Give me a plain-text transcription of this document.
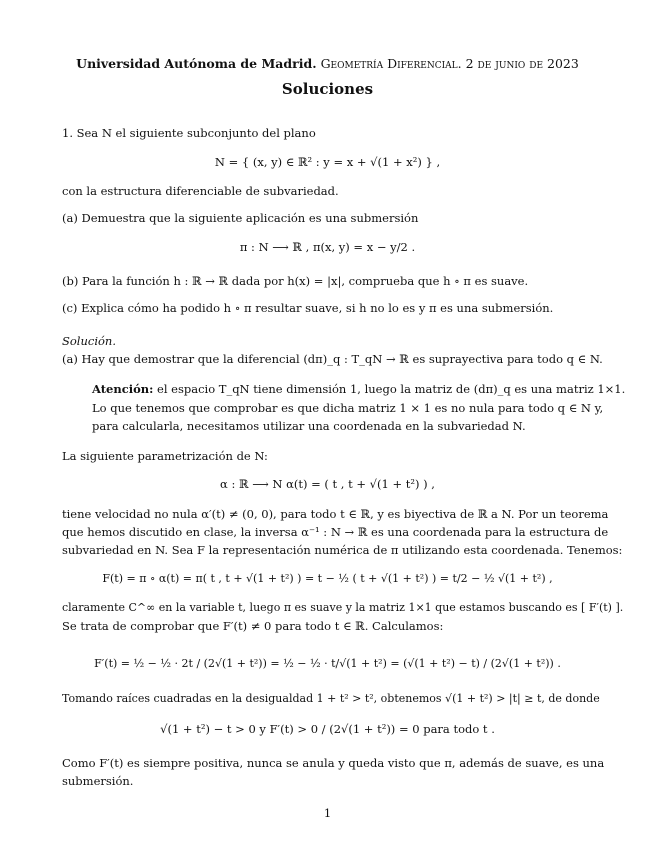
Universidad Autónoma de Madrid. Geometría Diferencial. 2 de junio de 2023
Soluciones
1. Sea N el siguiente subconjunto del plano
N = { (x, y) ∈ ℝ² : y = x + √(1 + x²) } ,
con la estructura diferenciable de subvariedad.
(a) Demuestra que la siguiente aplicación es una submersión
π : N ⟶ ℝ , π(x, y) = x − y/2 .
(b) Para la función h : ℝ → ℝ dada por h(x) = |x|, comprueba que h ∘ π es suave.
(c) Explica cómo ha podido h ∘ π resultar suave, si h no lo es y π es una submersión.
Solución.
(a) Hay que demostrar que la diferencial (dπ)_q : T_qN → ℝ es suprayectiva para todo q ∈ N.
Atención: el espacio T_qN tiene dimensión 1, luego la matriz de (dπ)_q es una matriz 1×1.
Lo que tenemos que comprobar es que dicha matriz 1 × 1 es no nula para todo q ∈ N y,
para calcularla, necesitamos utilizar una coordenada en la subvariedad N.
La siguiente parametrización de N:
α : ℝ ⟶ N α(t) = ( t , t + √(1 + t²) ) ,
tiene velocidad no nula α′(t) ≠ (0, 0), para todo t ∈ ℝ, y es biyectiva de ℝ a N. Por un teorema
que hemos discutido en clase, la inversa α⁻¹ : N → ℝ es una coordenada para la estructura de
subvariedad en N. Sea F la representación numérica de π utilizando esta coordenada. Tenemos:
F(t) = π ∘ α(t) = π( t , t + √(1 + t²) ) = t − ½ ( t + √(1 + t²) ) = t/2 − ½ √(1 + t²) ,
claramente C^∞ en la variable t, luego π es suave y la matriz 1×1 que estamos buscando es [ F′(t) ].
Se trata de comprobar que F′(t) ≠ 0 para todo t ∈ ℝ. Calculamos:
F′(t) = ½ − ½ · 2t / (2√(1 + t²)) = ½ − ½ · t/√(1 + t²) = (√(1 + t²) − t) / (2√(1 + t²)) .
Tomando raíces cuadradas en la desigualdad 1 + t² > t², obtenemos √(1 + t²) > |t| ≥ t, de donde
√(1 + t²) − t > 0 y F′(t) > 0 / (2√(1 + t²)) = 0 para todo t .
Como F′(t) es siempre positiva, nunca se anula y queda visto que π, además de suave, es una
submersión.
1
